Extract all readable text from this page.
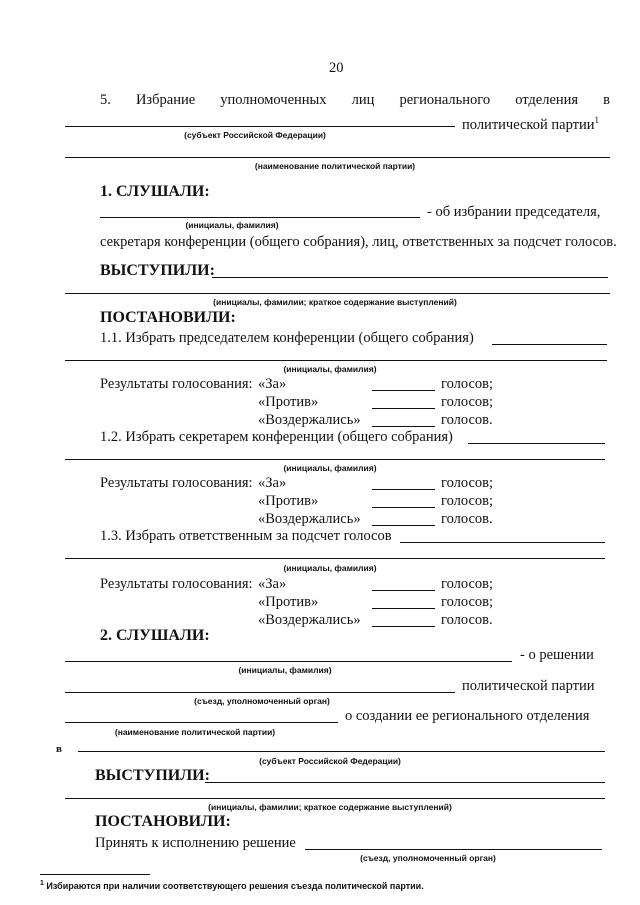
20
5. Избрание уполномоченных лиц регионального отделения в
политической партии$^1$
(субъект Российской Федерации)
(наименование политической партии)
1. СЛУШАЛИ:
- об избрании председателя,
(инициалы, фамилия)
секретаря конференции (общего собрания), лиц, ответственных за подсчет голосов.
ВЫСТУПИЛИ:
(инициалы, фамилии; краткое содержание выступлений)
ПОСТАНОВИЛИ:
1.1. Избрать председателем конференции (общего собрания)
(инициалы, фамилия)
Результаты голосования: «За»	голосов;
«Против»	голосов;
«Воздержались»	голосов.
1.2. Избрать секретарем конференции (общего собрания)
(инициалы, фамилия)
Результаты голосования: «За»	голосов;
«Против»	голосов;
«Воздержались»	голосов.
1.3. Избрать ответственным за подсчет голосов
(инициалы, фамилия)
Результаты голосования: «За»	голосов;
«Против»	голосов;
«Воздержались»	голосов.
2. СЛУШАЛИ:
- о решении
(инициалы, фамилия)
политической партии
(съезд, уполномоченный орган)
о создании ее регионального отделения
(наименование политической партии)
в
(субъект Российской Федерации)
ВЫСТУПИЛИ:
(инициалы, фамилии; краткое содержание выступлений)
ПОСТАНОВИЛИ:
Принять к исполнению решение
(съезд, уполномоченный орган)
$^1$ Избираются при наличии соответствующего решения съезда политической партии.
